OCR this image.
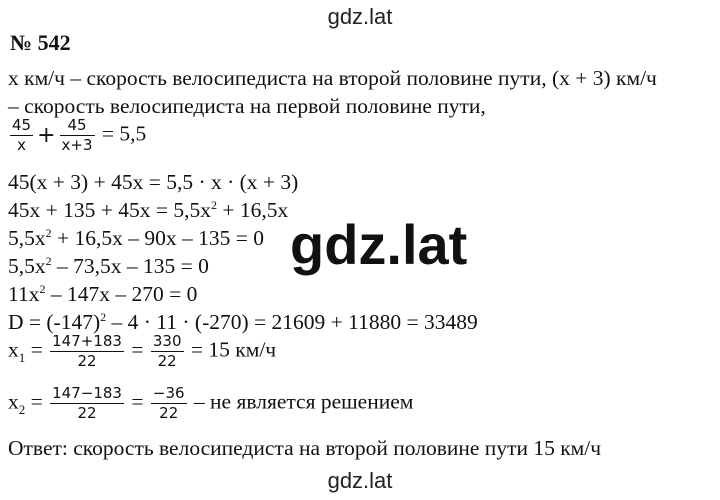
gdz.lat
№ 542
х км/ч – скорость велосипедиста на второй половине пути, (х + 3) км/ч
– скорость велосипедиста на первой половине пути,
$\frac{45}{x} + \frac{45}{x+3} = 5,5$
45(х + 3) + 45х = 5,5 · х · (х + 3)
$45х + 135 + 45х = 5,5х^2 + 16,5х$
$5,5х^2 + 16,5х - 90х - 135 = 0$
$5,5х^2 - 73,5х - 135 = 0$
$11х^2 - 147х - 270 = 0$
$D = (-147)^2 - 4 \cdot 11 \cdot (-270) = 21609 + 11880 = 33489$
$х_1 = \frac{147+183}{22} = \frac{330}{22} = 15$ км/ч
$х_2 = \frac{147-183}{22} = \frac{-36}{22}$ – не является решением
Ответ: скорость велосипедиста на второй половине пути 15 км/ч
gdz.lat
gdz.lat
